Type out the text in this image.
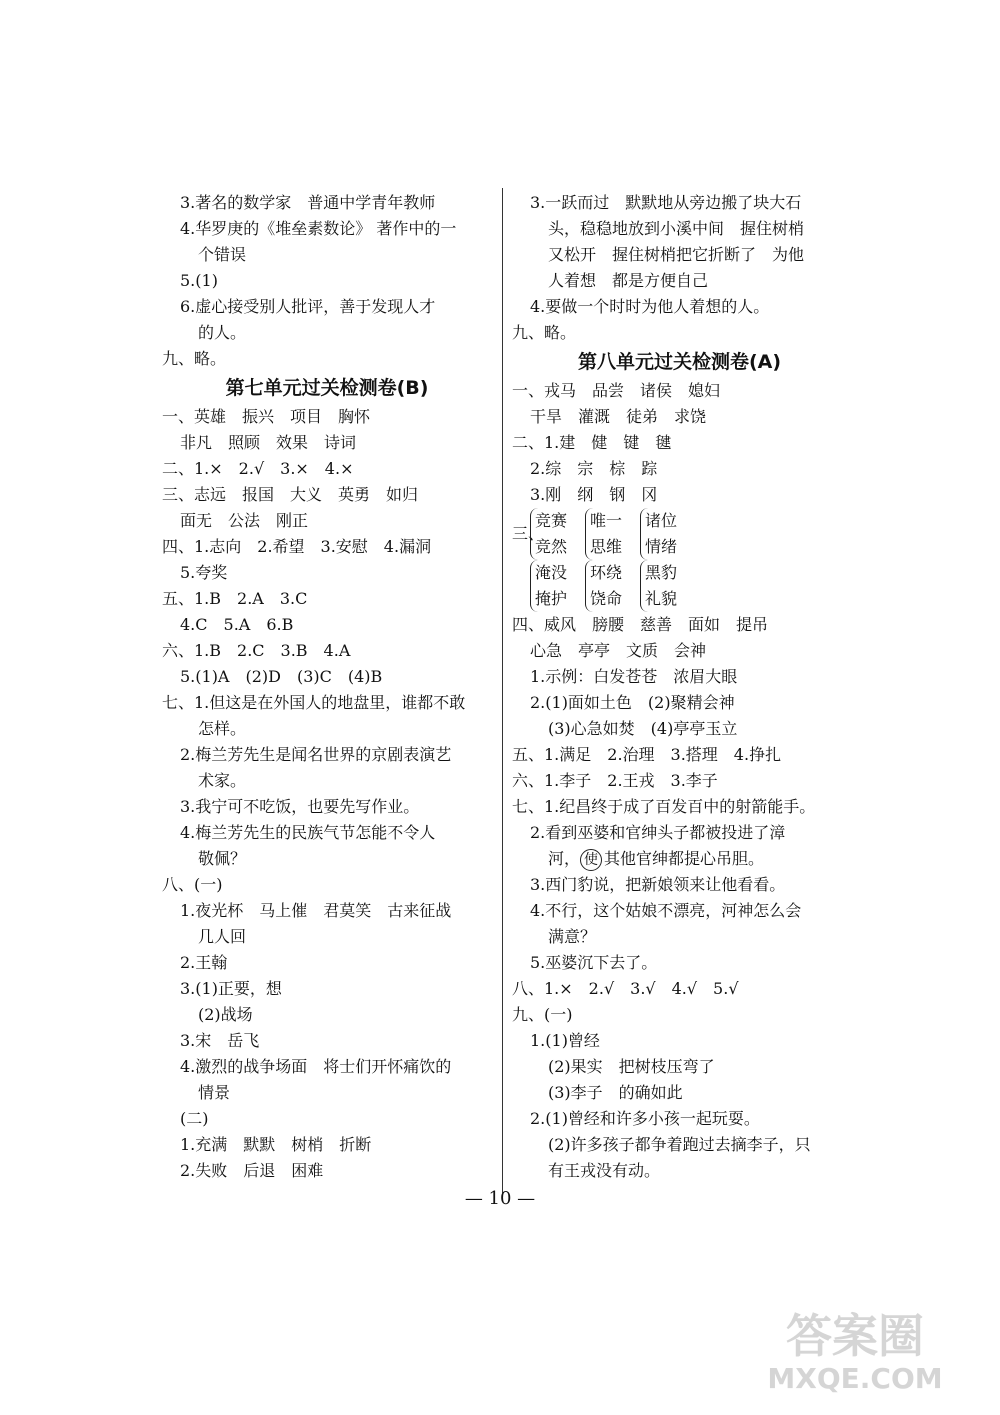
3.著名的数学家　普通中学青年教师
4.华罗庚的《堆垒素数论》 著作中的一
个错误
5.(1)
6.虚心接受别人批评，善于发现人才
的人。
九、略。
第七单元过关检测卷(B)
一、英雄　振兴　项目　胸怀
非凡　照顾　效果　诗词
二、1.×　2.√　3.×　4.×
三、志远　报国　大义　英勇　如归
面无　公法　刚正
四、1.志向　2.希望　3.安慰　4.漏洞
5.夸奖
五、1.B　2.A　3.C
4.C　5.A　6.B
六、1.B　2.C　3.B　4.A
5.(1)A　(2)D　(3)C　(4)B
七、1.但这是在外国人的地盘里，谁都不敢
怎样。
2.梅兰芳先生是闻名世界的京剧表演艺
术家。
3.我宁可不吃饭，也要先写作业。
4.梅兰芳先生的民族气节怎能不令人
敬佩？
八、(一)
1.夜光杯　马上催　君莫笑　古来征战
几人回
2.王翰
3.(1)正要，想
(2)战场
3.宋　岳飞
4.激烈的战争场面　将士们开怀痛饮的
情景
(二)
1.充满　默默　树梢　折断
2.失败　后退　困难
3.一跃而过　默默地从旁边搬了块大石
头，稳稳地放到小溪中间　握住树梢
又松开　握住树梢把它折断了　为他
人着想　都是方便自己
4.要做一个时时为他人着想的人。
九、略。
第八单元过关检测卷(A)
一、戎马　品尝　诸侯　媳妇
干旱　灌溉　徒弟　求饶
二、1.建　健　键　毽
2.综　宗　棕　踪
3.刚　纲　钢　冈
三、
竞赛
竞然
唯一
思维
诸位
情绪
淹没
掩护
环绕
饶命
黑豹
礼貌
四、威风　膀腰　慈善　面如　提吊
心急　亭亭　文质　会神
1.示例：白发苍苍　浓眉大眼
2.(1)面如土色　(2)聚精会神
(3)心急如焚　(4)亭亭玉立
五、1.满足　2.治理　3.搭理　4.挣扎
六、1.李子　2.王戎　3.李子
七、1.纪昌终于成了百发百中的射箭能手。
2.看到巫婆和官绅头子都被投进了漳
河， 使 其他官绅都提心吊胆。
3.西门豹说，把新娘领来让他看看。
4.不行，这个姑娘不漂亮，河神怎么会
满意？
5.巫婆沉下去了。
八、1.×　2.√　3.√　4.√　5.√
九、(一)
1.(1)曾经
(2)果实　把树枝压弯了
(3)李子　的确如此
2.(1)曾经和许多小孩一起玩耍。
(2)许多孩子都争着跑过去摘李子，只
有王戎没有动。
— 10 —
答案圈
MXQE.COM
